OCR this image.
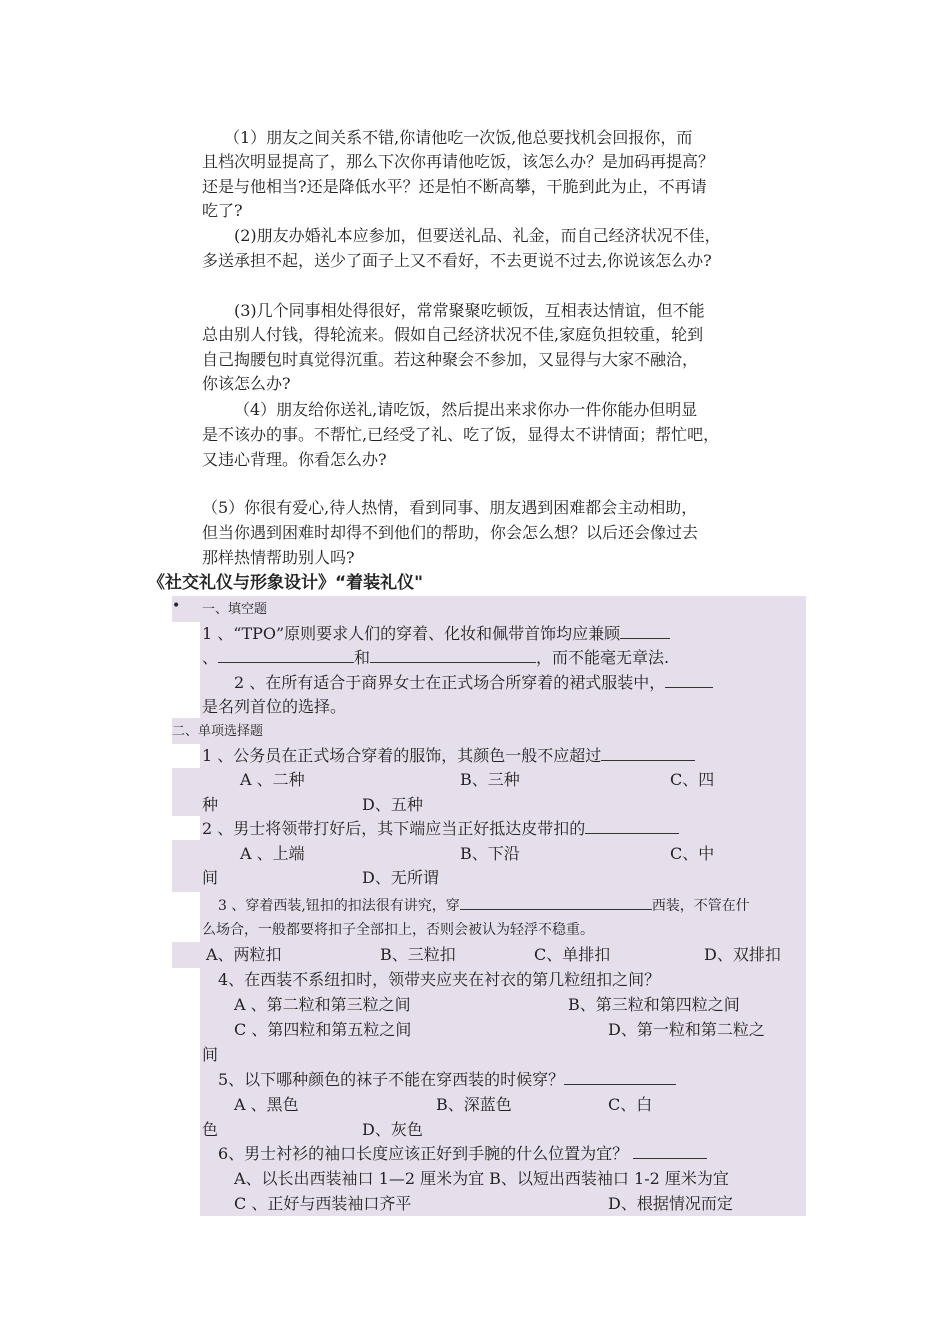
（1）朋友之间关系不错,你请他吃一次饭,他总要找机会回报你，而
且档次明显提高了，那么下次你再请他吃饭，该怎么办？是加码再提高？
还是与他相当?还是降低水平？还是怕不断高攀，干脆到此为止，不再请
吃了?
(2)朋友办婚礼本应参加，但要送礼品、礼金，而自己经济状况不佳，
多送承担不起，送少了面子上又不看好，不去更说不过去,你说该怎么办?
(3)几个同事相处得很好，常常聚聚吃顿饭，互相表达情谊，但不能
总由别人付钱，得轮流来。假如自己经济状况不佳,家庭负担较重，轮到
自己掏腰包时真觉得沉重。若这种聚会不参加，又显得与大家不融洽，
你该怎么办?
（4）朋友给你送礼,请吃饭，然后提出来求你办一件你能办但明显
是不该办的事。不帮忙,已经受了礼、吃了饭，显得太不讲情面；帮忙吧，
又违心背理。你看怎么办?
（5）你很有爱心,待人热情，看到同事、朋友遇到困难都会主动相助，
但当你遇到困难时却得不到他们的帮助，你会怎么想？以后还会像过去
那样热情帮助别人吗?
《社交礼仪与形象设计》“着装礼仪"
• 一、填空题
1 、“TPO”原则要求人们的穿着、化妆和佩带首饰均应兼顾
、	和	，而不能毫无章法.
2 、在所有适合于商界女士在正式场合所穿着的裙式服装中，
是名列首位的选择。
二、单项选择题
1 、公务员在正式场合穿着的服饰，其颜色一般不应超过
A 、二种	B、三种	C、四
种	D、五种
2 、男士将领带打好后，其下端应当正好抵达皮带扣的
A 、上端	B、下沿	C、中
间	D、无所谓
3 、穿着西装,钮扣的扣法很有讲究，穿	西装，不管在什
么场合，一般都要将扣子全部扣上，否则会被认为轻浮不稳重。
A、两粒扣	B、三粒扣	C、单排扣	D、双排扣
4、在西装不系纽扣时，领带夹应夹在衬衣的第几粒纽扣之间？
A 、第二粒和第三粒之间	B、第三粒和第四粒之间
C 、第四粒和第五粒之间	D、第一粒和第二粒之
间
5、以下哪种颜色的袜子不能在穿西装的时候穿？
A 、黑色	B、深蓝色	C、白
色	D、灰色
6、男士衬衫的袖口长度应该正好到手腕的什么位置为宜？
A、以长出西装袖口 1—2 厘米为宜 B、以短出西装袖口 1-2 厘米为宜
C 、正好与西装袖口齐平	D、根据情况而定
